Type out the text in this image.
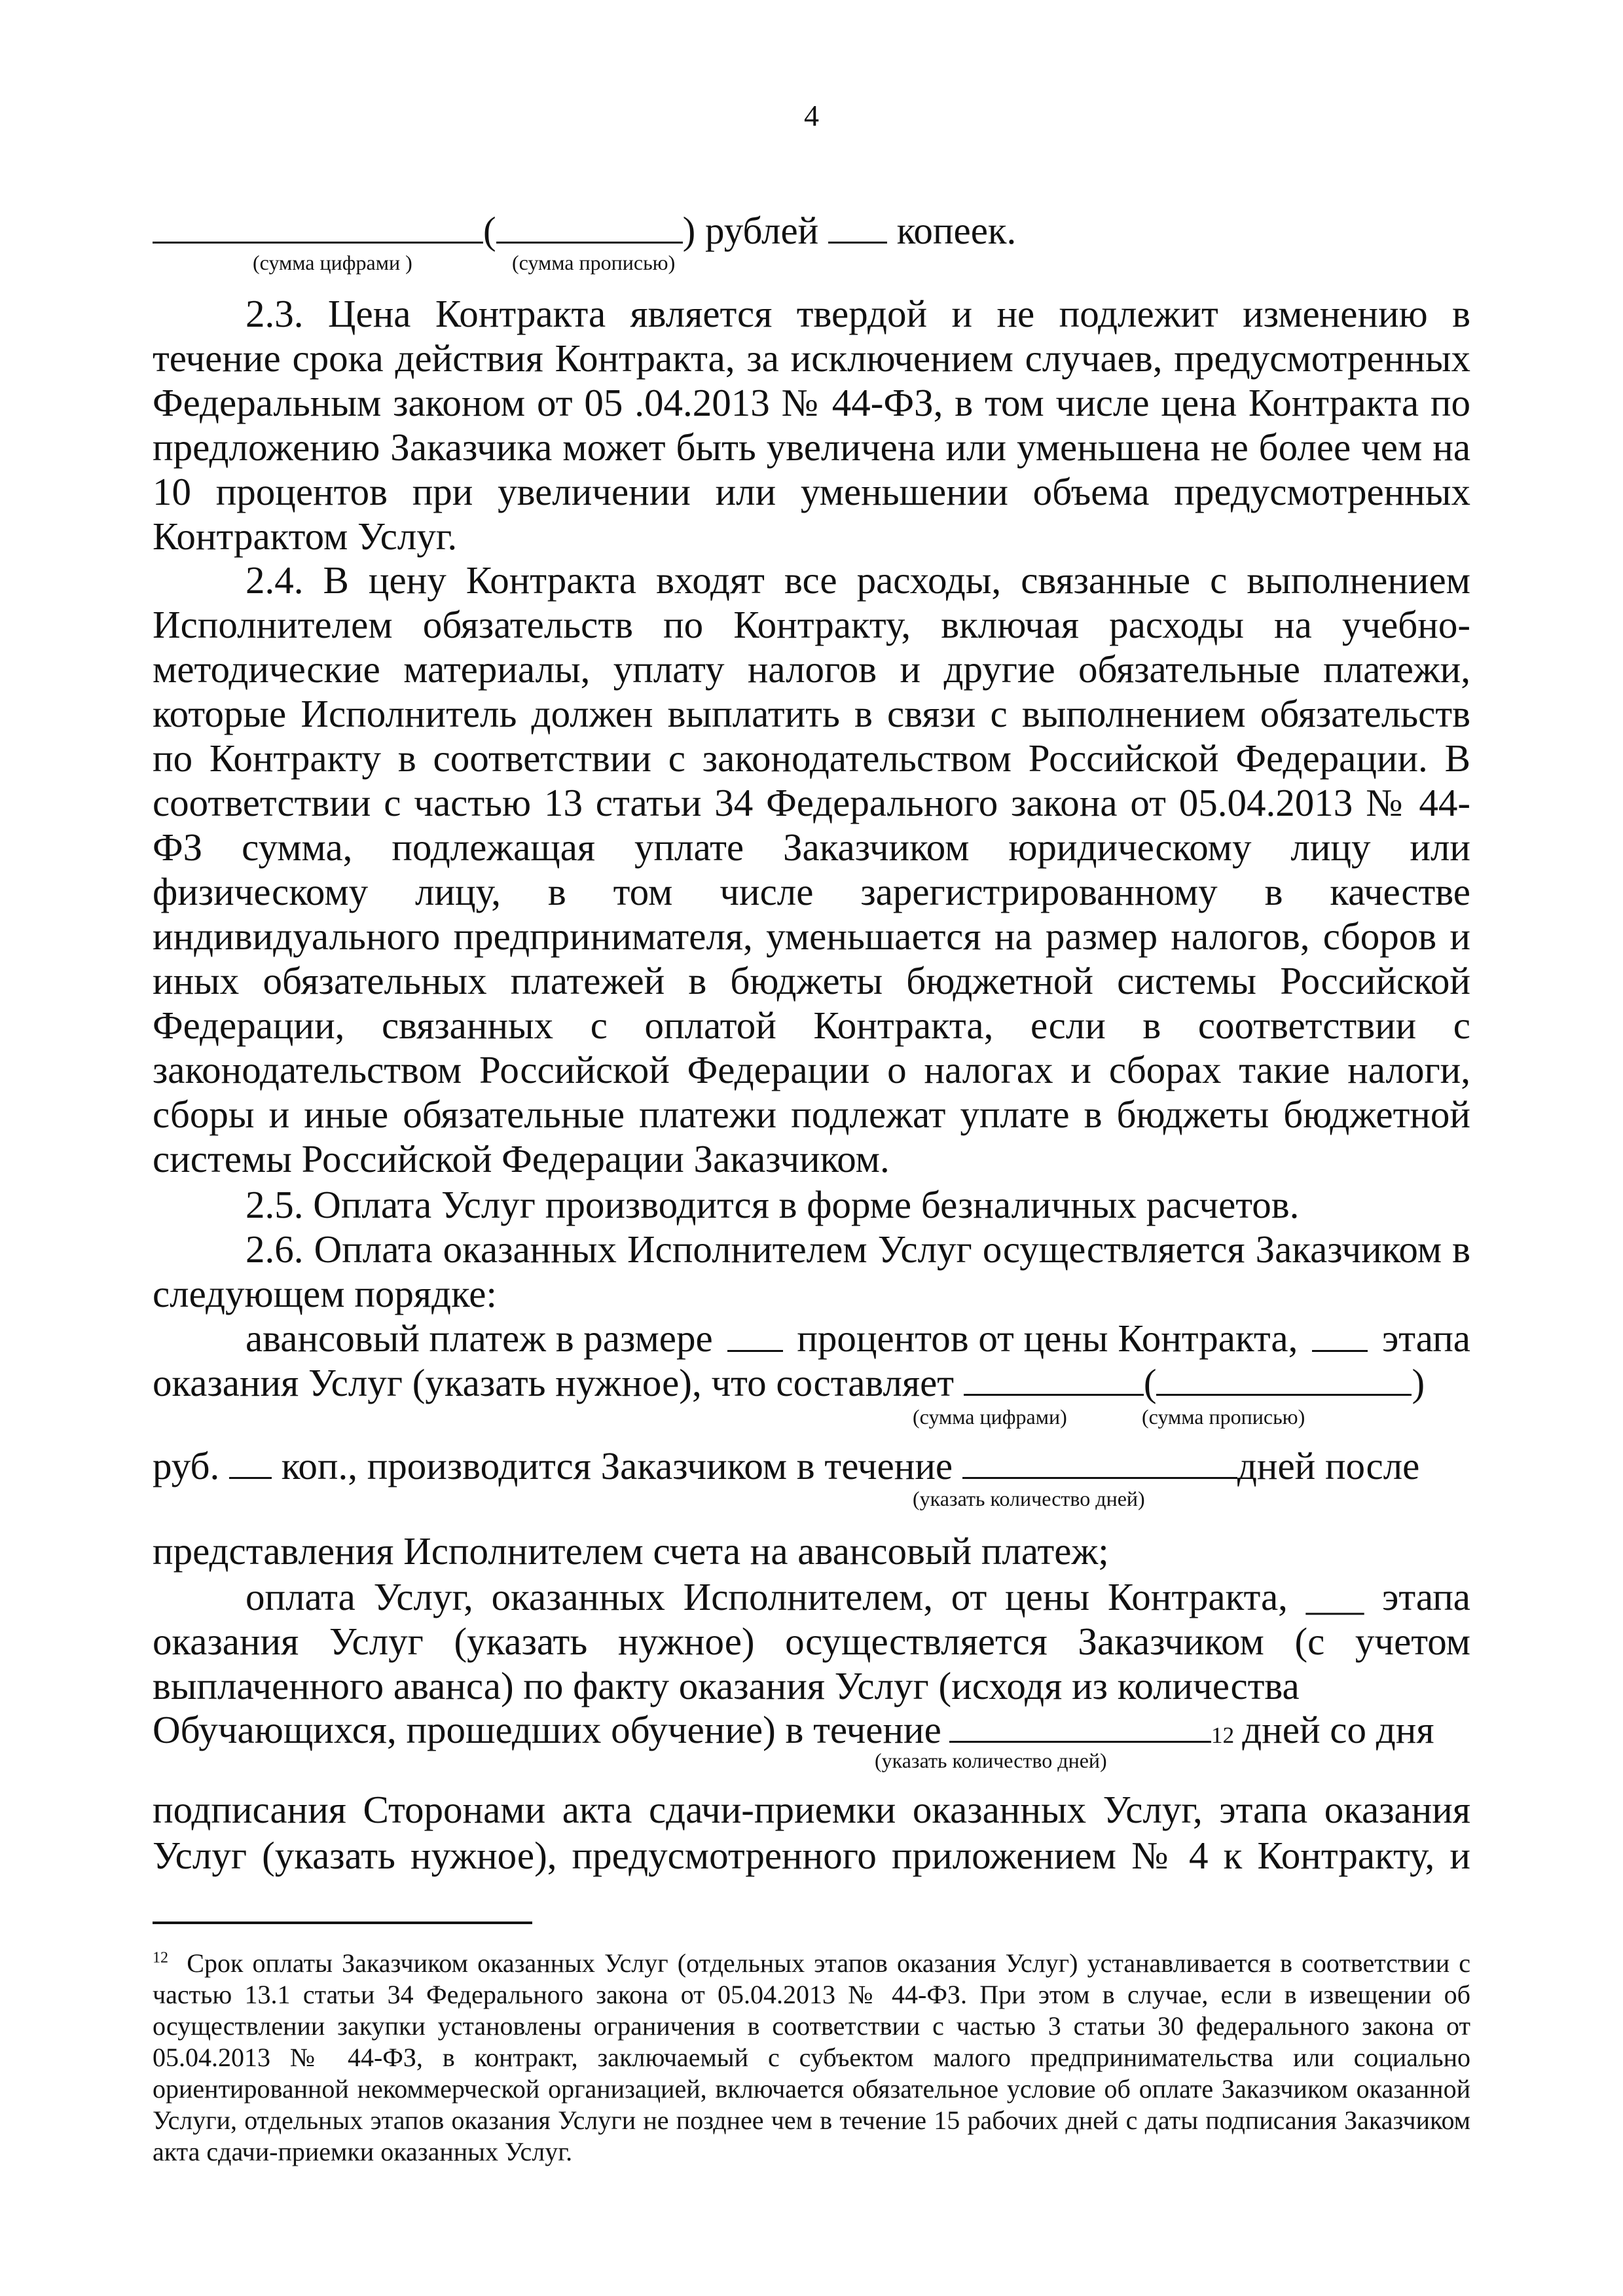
4
(	) рублей копеек.
(сумма цифрами )	(сумма прописью)

2.3. Цена Контракта является твердой и не подлежит изменению в течение срока действия Контракта, за исключением случаев, предусмотренных Федеральным законом от 05 .04.2013 № 44-ФЗ, в том числе цена Контракта по предложению Заказчика может быть увеличена или уменьшена не более чем на 10 процентов при увеличении или уменьшении объема предусмотренных Контрактом Услуг.

2.4. В цену Контракта входят все расходы, связанные с выполнением Исполнителем обязательств по Контракту, включая расходы на учебно-методические материалы, уплату налогов и другие обязательные платежи, которые Исполнитель должен выплатить в связи с выполнением обязательств по Контракту в соответствии с законодательством Российской Федерации. В соответствии с частью 13 статьи 34 Федерального закона от 05.04.2013 № 44-ФЗ сумма, подлежащая уплате Заказчиком юридическому лицу или физическому лицу, в том числе зарегистрированному в качестве индивидуального предпринимателя, уменьшается на размер налогов, сборов и иных обязательных платежей в бюджеты бюджетной системы Российской Федерации, связанных с оплатой Контракта, если в соответствии с законодательством Российской Федерации о налогах и сборах такие налоги, сборы и иные обязательные платежи подлежат уплате в бюджеты бюджетной системы Российской Федерации Заказчиком.

2.5. Оплата Услуг производится в форме безналичных расчетов.

2.6. Оплата оказанных Исполнителем Услуг осуществляется Заказчиком в следующем порядке:

авансовый платеж в размере процентов от цены Контракта, этапа
оказания Услуг (указать нужное), что составляет	(	)
(сумма цифрами)	(сумма прописью)
руб. коп., производится Заказчиком в течение	дней после
(указать количество дней)
представления Исполнителем счета на авансовый платеж;

оплата Услуг, оказанных Исполнителем, от цены Контракта, ___ этапа оказания Услуг (указать нужное) осуществляется Заказчиком (с учетом выплаченного аванса) по факту оказания Услуг (исходя из количества

Обучающихся, прошедших обучение) в течение	12 дней со дня
(указать количество дней)
подписания Сторонами акта сдачи-приемки оказанных Услуг, этапа оказания
Услуг (указать нужное), предусмотренного приложением № 4 к Контракту, и

$^{12}$ Срок оплаты Заказчиком оказанных Услуг (отдельных этапов оказания Услуг) устанавливается в соответствии с частью 13.1 статьи 34 Федерального закона от 05.04.2013 № 44-ФЗ. При этом в случае, если в извещении об осуществлении закупки установлены ограничения в соответствии с частью 3 статьи 30 федерального закона от 05.04.2013 № 44-ФЗ, в контракт, заключаемый с субъектом малого предпринимательства или социально ориентированной некоммерческой организацией, включается обязательное условие об оплате Заказчиком оказанной Услуги, отдельных этапов оказания Услуги не позднее чем в течение 15 рабочих дней с даты подписания Заказчиком акта сдачи-приемки оказанных Услуг.
